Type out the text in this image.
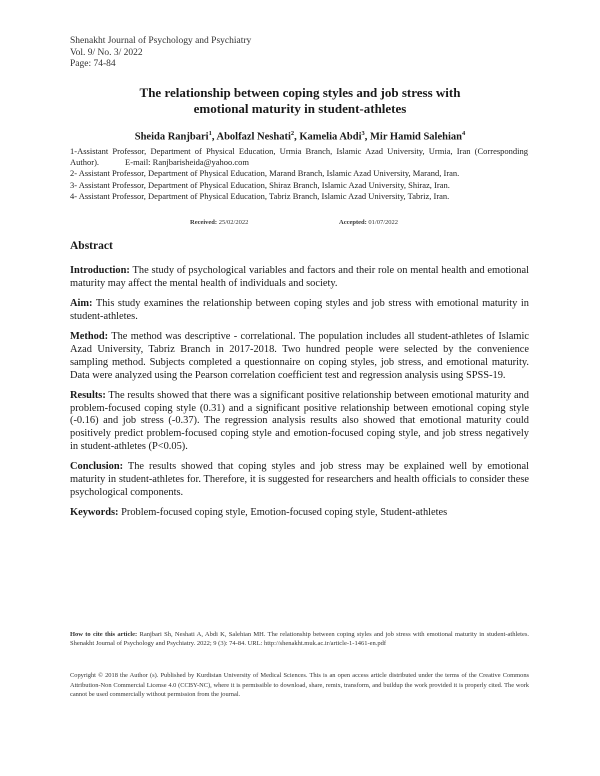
Shenakht Journal of Psychology and Psychiatry
Vol. 9/ No. 3/ 2022
Page: 74-84
The relationship between coping styles and job stress with
emotional maturity in student-athletes
Sheida Ranjbari$^1$, Abolfazl Neshati$^2$, Kamelia Abdi$^3$, Mir Hamid Salehian$^4$
1-Assistant Professor, Department of Physical Education, Urmia Branch, Islamic Azad University, Urmia, Iran (Corresponding Author).	E-mail: Ranjbarisheida@yahoo.com
2- Assistant Professor, Department of Physical Education, Marand Branch, Islamic Azad University, Marand, Iran.
3- Assistant Professor, Department of Physical Education, Shiraz Branch, Islamic Azad University, Shiraz, Iran.
4- Assistant Professor, Department of Physical Education, Tabriz Branch, Islamic Azad University, Tabriz, Iran.
Received: 25/02/2022	Accepted: 01/07/2022
Abstract

Introduction: The study of psychological variables and factors and their role on mental health and emotional maturity may affect the mental health of individuals and society.

Aim: This study examines the relationship between coping styles and job stress with emotional maturity in student-athletes.

Method: The method was descriptive - correlational. The population includes all student-athletes of Islamic Azad University, Tabriz Branch in 2017-2018. Two hundred people were selected by the convenience sampling method. Subjects completed a questionnaire on coping styles, job stress, and emotional maturity. Data were analyzed using the Pearson correlation coefficient test and regression analysis using SPSS-19.

Results: The results showed that there was a significant positive relationship between emotional maturity and problem-focused coping style (0.31) and a significant positive relationship between emotional coping style (-0.16) and job stress (-0.37). The regression analysis results also showed that emotional maturity could positively predict problem-focused coping style and emotion-focused coping style, and job stress negatively in student-athletes (P<0.05).

Conclusion: The results showed that coping styles and job stress may be explained well by emotional maturity in student-athletes for. Therefore, it is suggested for researchers and health officials to consider these psychological components.

Keywords: Problem-focused coping style, Emotion-focused coping style, Student-athletes

How to cite this article: Ranjbari Sh, Neshati A, Abdi K, Salehian MH. The relationship between coping styles and job stress with emotional maturity in student-athletes. Shenakht Journal of Psychology and Psychiatry. 2022; 9 (3): 74-84. URL: http://shenakht.muk.ac.ir/article-1-1461-en.pdf
Copyright © 2018 the Author (s). Published by Kurdistan University of Medical Sciences. This is an open access article distributed under the terms of the Creative Commons Attribution-Non Commercial License 4.0 (CCBY-NC), where it is permissible to download, share, remix, transform, and buildup the work provided it is properly cited. The work cannot be used commercially without permission from the journal.
